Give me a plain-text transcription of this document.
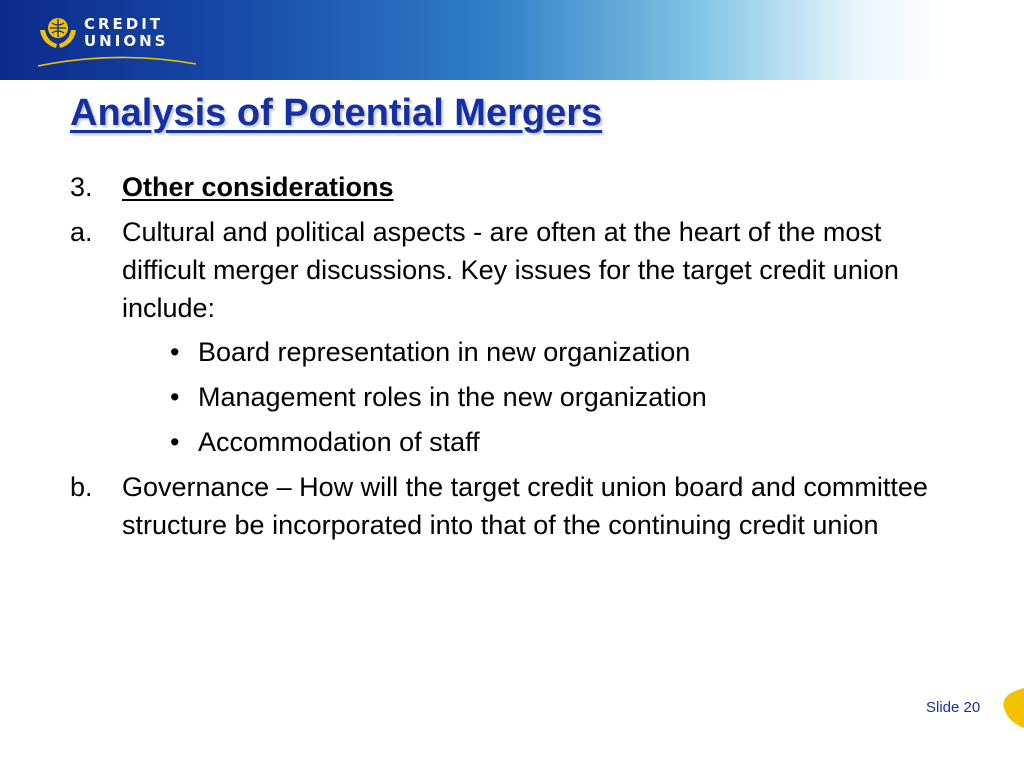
CREDIT
UNIONS
Analysis of Potential Mergers
3.	Other considerations
a.	Cultural and political aspects - are often at the heart of the most difficult merger discussions. Key issues for the target credit union include:
• Board representation in new organization
• Management roles in the new organization
• Accommodation of staff
b.	Governance – How will the target credit union board and committee structure be incorporated into that of the continuing credit union
Slide 20
